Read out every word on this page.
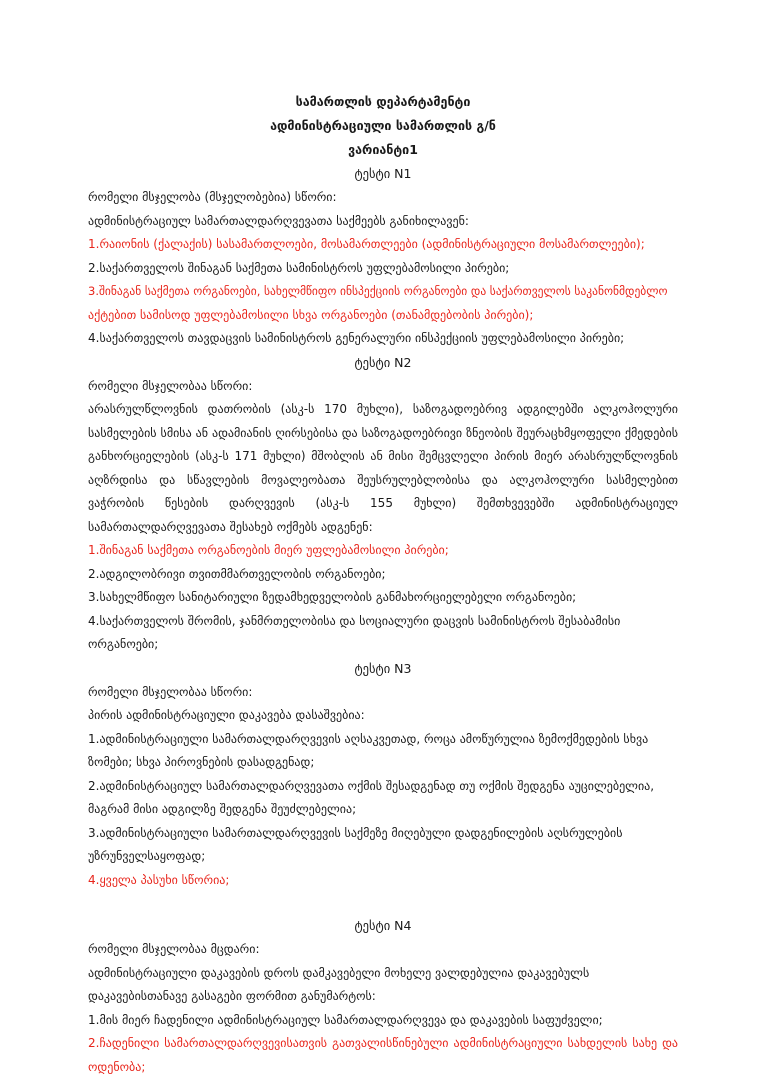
სამართლის დეპარტამენტი
ადმინისტრაციული სამართლის გ/ნ
ვარიანტი1
ტესტი N1
რომელი მსჯელობა (მსჯელობებია) სწორი:
ადმინისტრაციულ სამართალდარღვევათა საქმეებს განიხილავენ:
1.რაიონის (ქალაქის) სასამართლოები, მოსამართლეები (ადმინისტრაციული მოსამართლეები);
2.საქართველოს შინაგან საქმეთა სამინისტროს უფლებამოსილი პირები;
3.შინაგან საქმეთა ორგანოები, სახელმწიფო ინსპექციის ორგანოები და საქართველოს საკანონმდებლო
აქტებით სამისოდ უფლებამოსილი სხვა ორგანოები (თანამდებობის პირები);
4.საქართველოს თავდაცვის სამინისტროს გენერალური ინსპექციის უფლებამოსილი პირები;
ტესტი N2
რომელი მსჯელობაა სწორი:
არასრულწლოვნის დათრობის (ასკ-ს 170 მუხლი), საზოგადოებრივ ადგილებში ალკოჰოლური
სასმელების სმისა ან ადამიანის ღირსებისა და საზოგადოებრივი ზნეობის შეურაცხმყოფელი ქმედების
განხორციელების (ასკ-ს 171 მუხლი) მშობლის ან მისი შემცვლელი პირის მიერ არასრულწლოვნის
აღზრდისა და სწავლების მოვალეობათა შეუსრულებლობისა და ალკოჰოლური სასმელებით
ვაჭრობის წესების დარღვევის (ასკ-ს 155 მუხლი) შემთხვევებში ადმინისტრაციულ
სამართალდარღვევათა შესახებ ოქმებს ადგენენ:
1.შინაგან საქმეთა ორგანოების მიერ უფლებამოსილი პირები;
2.ადგილობრივი თვითმმართველობის ორგანოები;
3.სახელმწიფო სანიტარიული ზედამხედველობის განმახორციელებელი ორგანოები;
4.საქართველოს შრომის, ჯანმრთელობისა და სოციალური დაცვის სამინისტროს შესაბამისი
ორგანოები;
ტესტი N3
რომელი მსჯელობაა სწორი:
პირის ადმინისტრაციული დაკავება დასაშვებია:
1.ადმინისტრაციული სამართალდარღვევის აღსაკვეთად, როცა ამოწურულია ზემოქმედების სხვა
ზომები; სხვა პიროვნების დასადგენად;
2.ადმინისტრაციულ სამართალდარღვევათა ოქმის შესადგენად თუ ოქმის შედგენა აუცილებელია,
მაგრამ მისი ადგილზე შედგენა შეუძლებელია;
3.ადმინისტრაციული სამართალდარღვევის საქმეზე მიღებული დადგენილების აღსრულების
უზრუნველსაყოფად;
4.ყველა პასუხი სწორია;
ტესტი N4
რომელი მსჯელობაა მცდარი:
ადმინისტრაციული დაკავების დროს დამკავებელი მოხელე ვალდებულია დაკავებულს
დაკავებისთანავე გასაგები ფორმით განუმარტოს:
1.მის მიერ ჩადენილი ადმინისტრაციულ სამართალდარღვევა და დაკავების საფუძველი;
2.ჩადენილი სამართალდარღვევისათვის გათვალისწინებული ადმინისტრაციული სახდელის სახე და
ოდენობა;
